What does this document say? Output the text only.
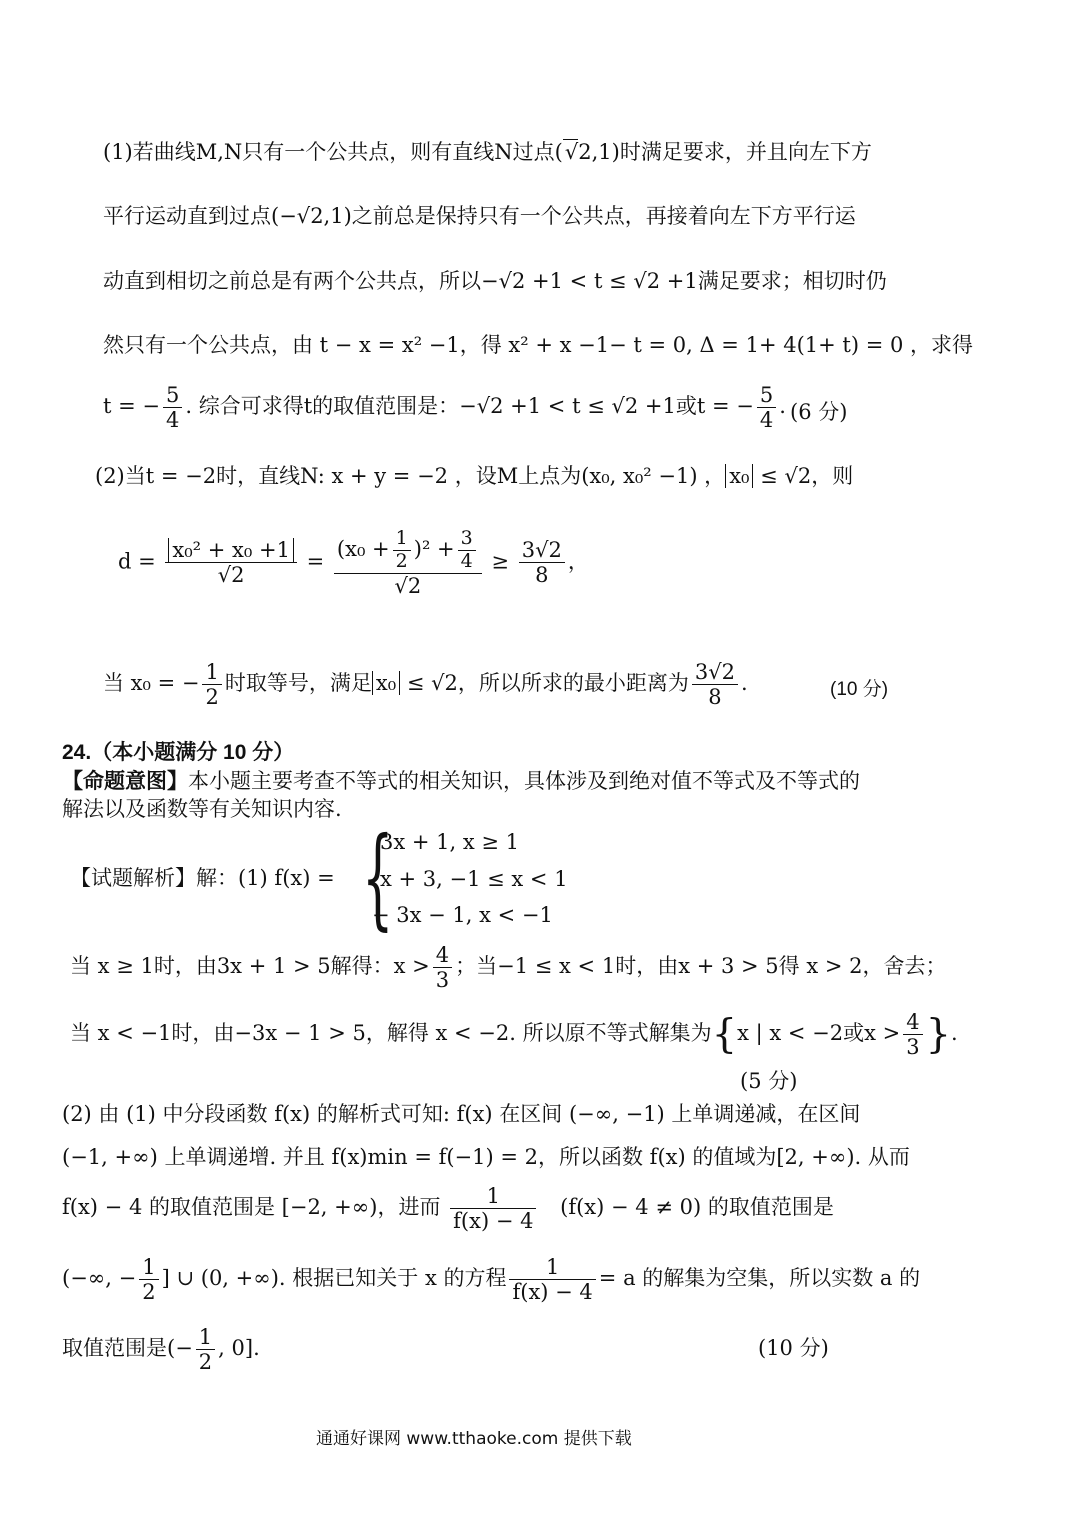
(1)若曲线M,N只有一个公共点，则有直线N过点(√2,1)时满足要求，并且向左下方
平行运动直到过点(−√2,1)之前总是保持只有一个公共点，再接着向左下方平行运
动直到相切之前总是有两个公共点，所以−√2 +1 < t ≤ √2 +1满足要求；相切时仍
然只有一个公共点，由 t − x = x² −1，得 x² + x −1− t = 0, Δ = 1+ 4(1+ t) = 0 ，求得
t = − $\frac{5}{4}$ . 综合可求得t的取值范围是：−√2 +1 < t ≤ √2 +1或t = − $\frac{5}{4}$ . (6 分)
(2)当t = −2时，直线N: x + y = −2 ，设M上点为(x₀, x₀² −1) ， x₀ ≤ √2，则
$d = \frac{\text{x₀² + x₀ +1}}{√2} = \frac{(x_0 + \frac{1}{2} )^2 + \frac{3}{4}}{√2} \ge \frac{3√2}{8}$ ，
当 x₀ = − $\frac{1}{2}$ 时取等号，满足 x₀ ≤ √2，所以所求的最小距离为 $\frac{3√2}{8}$ .	(10 分)
24.（本小题满分 10 分）
【命题意图】本小题主要考查不等式的相关知识，具体涉及到绝对值不等式及不等式的
解法以及函数等有关知识内容.
【试题解析】解：(1) f(x) = {
3x + 1, x ≥ 1
x + 3, −1 ≤ x < 1
− 3x − 1, x < −1
当 x ≥ 1时，由3x + 1 > 5解得：$x > \frac{4}{3}$ ；当−1 ≤ x < 1时，由x + 3 > 5得 x > 2，舍去；
当 x < −1时，由−3x − 1 > 5，解得 x < −2. 所以原不等式解集为{x | x < −2或$x > \frac{4}{3}$ }.
(5 分)
(2) 由 (1) 中分段函数 f(x) 的解析式可知: f(x) 在区间 (−∞, −1) 上单调递减，在区间
(−1, +∞) 上单调递增. 并且 f(x)min = f(−1) = 2，所以函数 f(x) 的值域为[2, +∞). 从而
f(x) − 4 的取值范围是 [−2, +∞)，进而 $\frac{1}{f(x) - 4} (f(x) - 4 \ne 0)$ 的取值范围是
(−∞, − $\frac{1}{2}$ ] ∪ (0, +∞). 根据已知关于 x 的方程 $\frac{1}{f(x) - 4} = a$ 的解集为空集，所以实数 a 的
取值范围是(− $\frac{1}{2}$ , 0].	(10 分)
通通好课网 www.tthaoke.com 提供下载
